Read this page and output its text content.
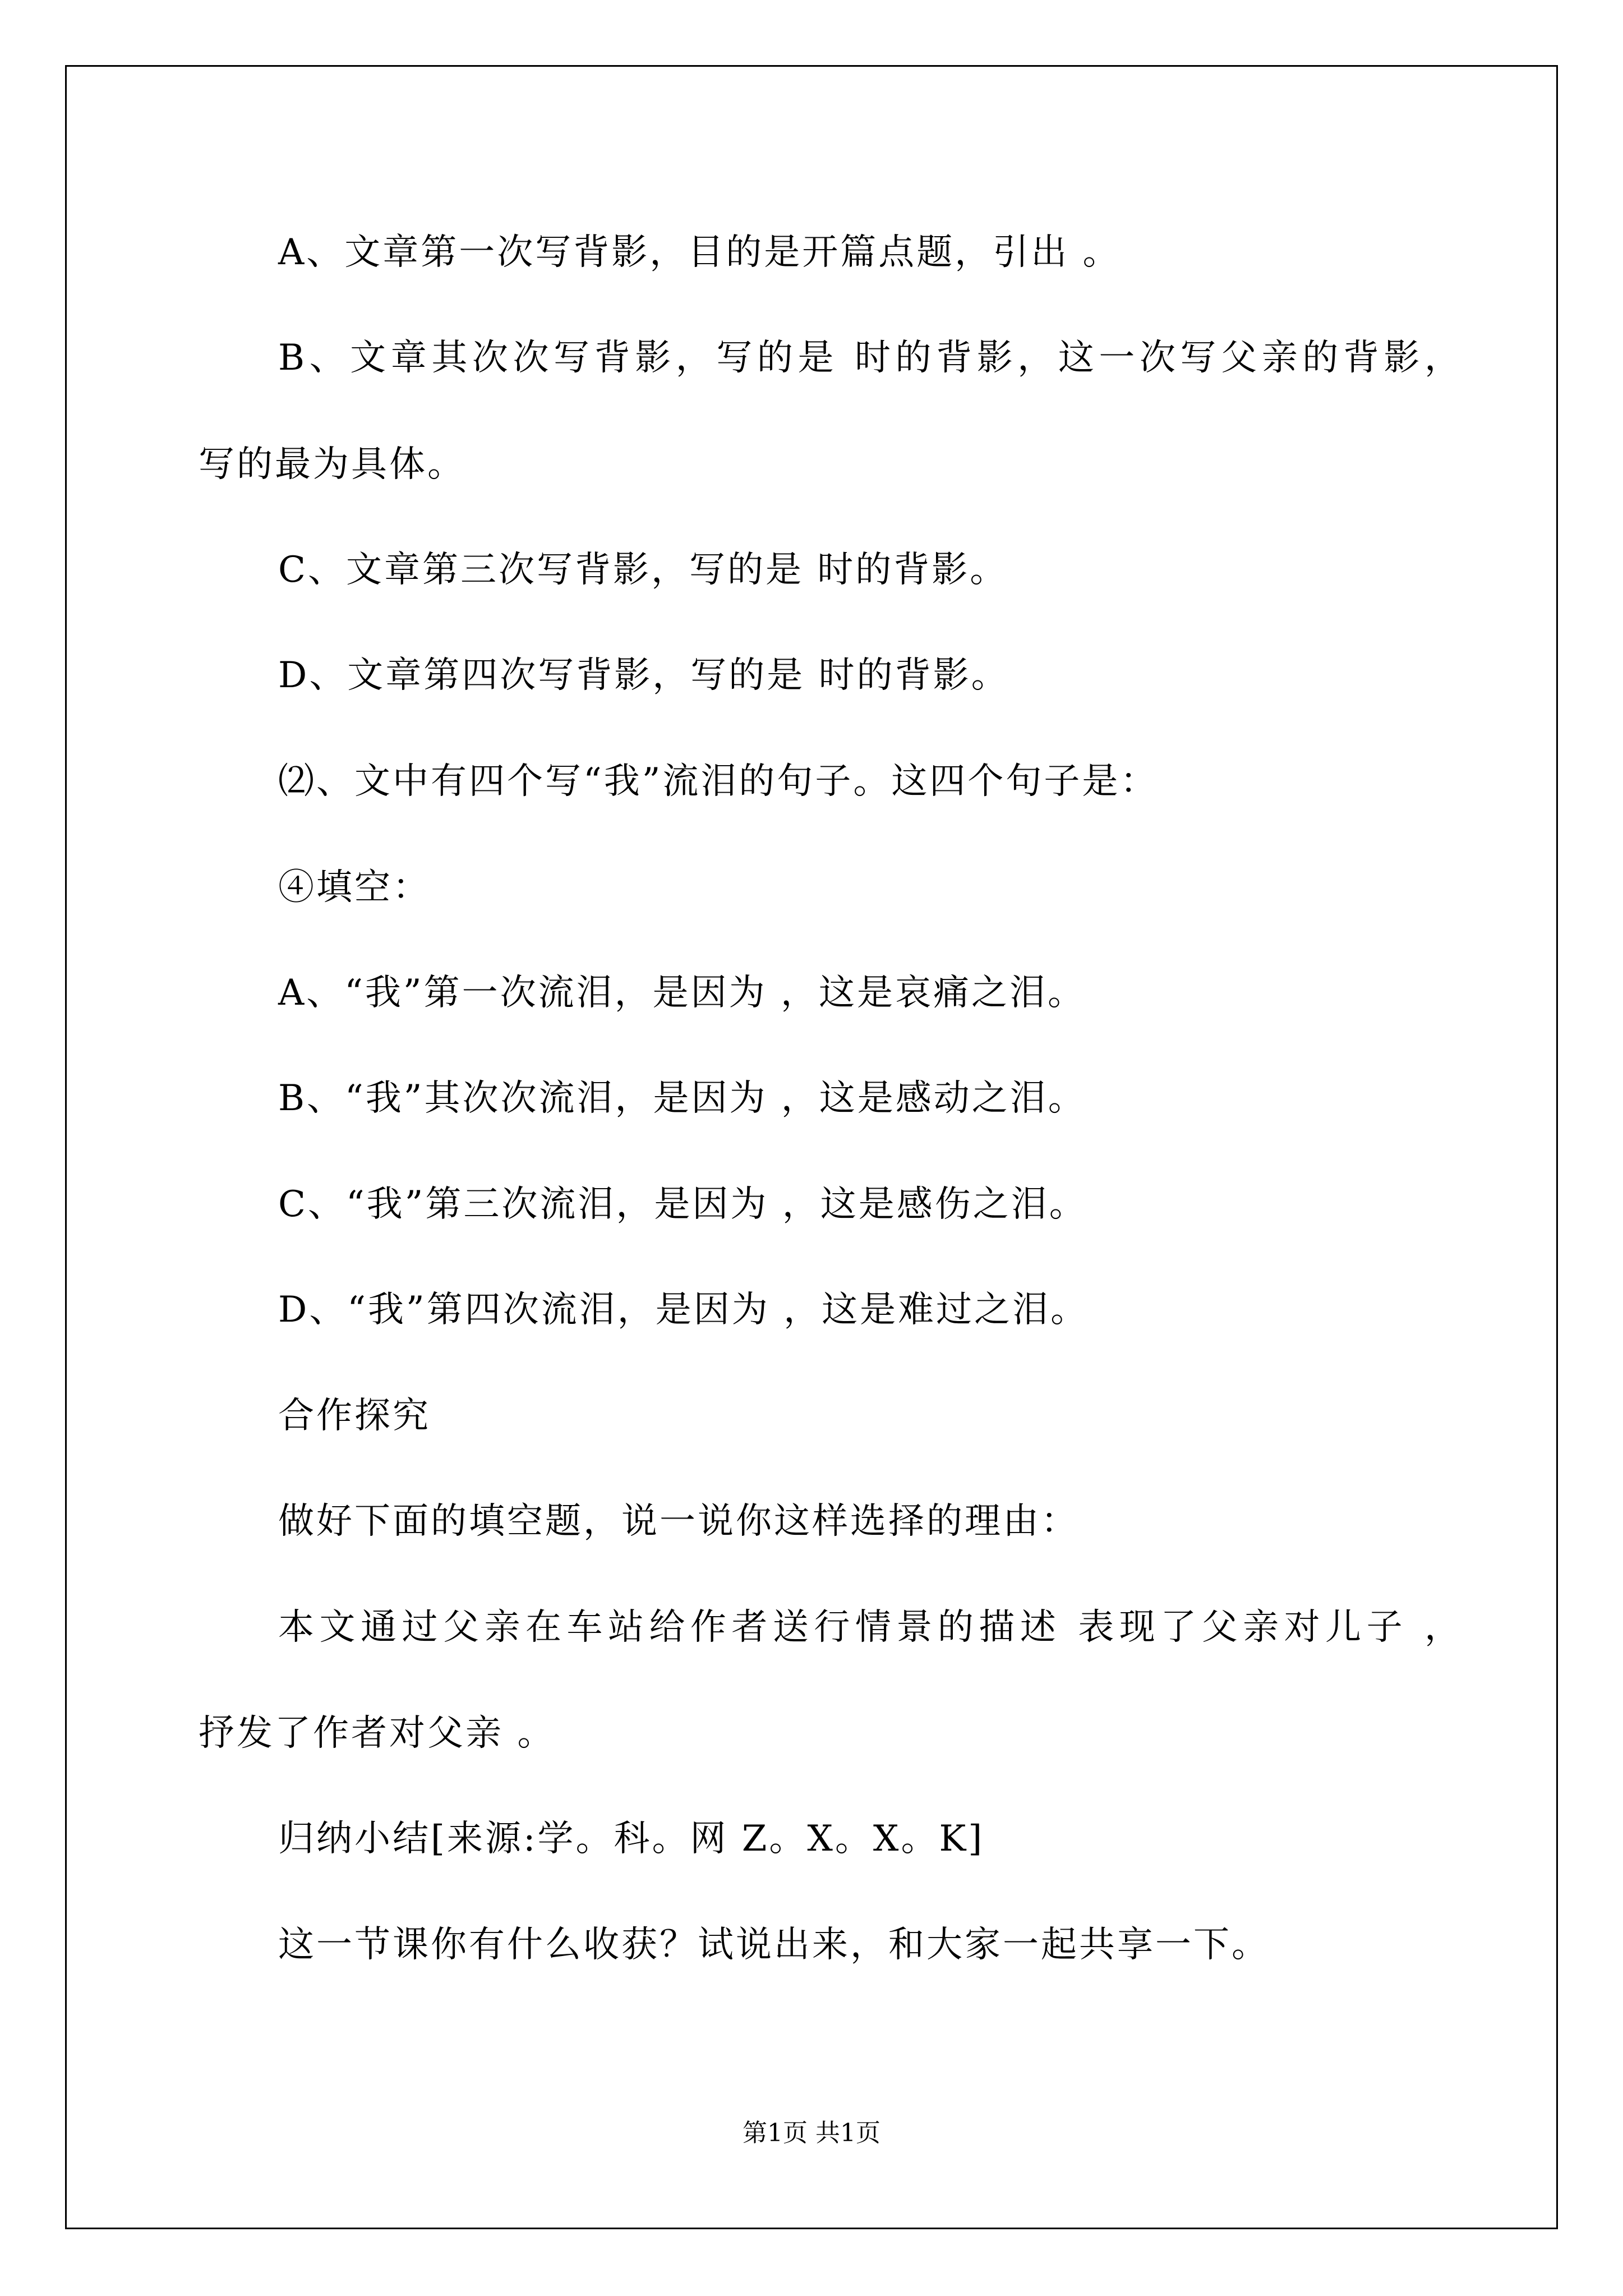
A、文章第一次写背影，目的是开篇点题，引出 。
B、文章其次次写背影，写的是 时的背影，这一次写父亲的背影，
写的最为具体。
C、文章第三次写背影，写的是 时的背影。
D、文章第四次写背影，写的是 时的背影。
⑵、文中有四个写“我”流泪的句子。这四个句子是：
④填空：
A、“我”第一次流泪，是因为 ，这是哀痛之泪。
B、“我”其次次流泪，是因为 ，这是感动之泪。
C、“我”第三次流泪，是因为 ，这是感伤之泪。
D、“我”第四次流泪，是因为 ，这是难过之泪。
合作探究
做好下面的填空题，说一说你这样选择的理由：
本文通过父亲在车站给作者送行情景的描述 表现了父亲对儿子 ，
抒发了作者对父亲 。
归纳小结[来源:学。科。网 Z。X。X。K]
这一节课你有什么收获？试说出来，和大家一起共享一下。
第1页 共1页
